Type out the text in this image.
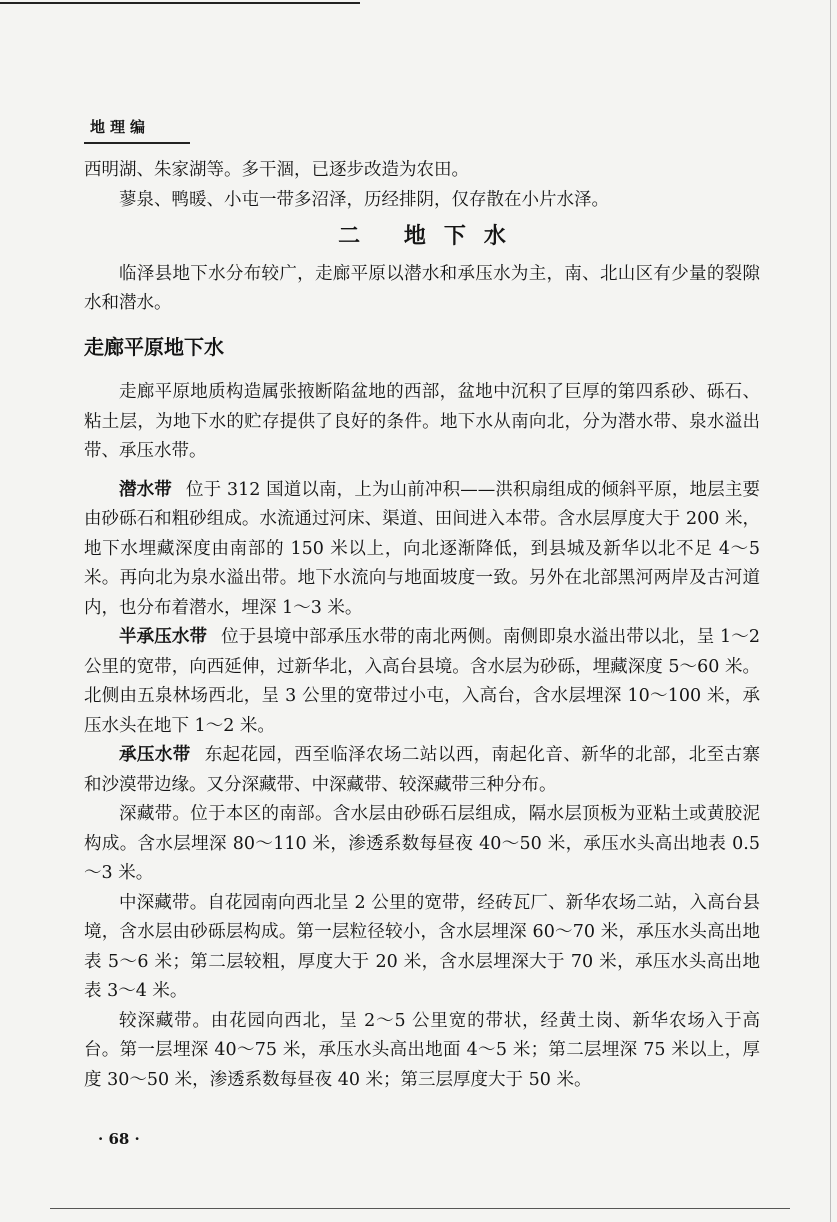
地理编

西明湖、朱家湖等。多干涸，已逐步改造为农田。

蓼泉、鸭暖、小屯一带多沼泽，历经排阴，仅存散在小片水泽。

二 地下水

临泽县地下水分布较广，走廊平原以潜水和承压水为主，南、北山区有少量的裂隙水和潜水。

走廊平原地下水

走廊平原地质构造属张掖断陷盆地的西部，盆地中沉积了巨厚的第四系砂、砾石、粘土层，为地下水的贮存提供了良好的条件。地下水从南向北，分为潜水带、泉水溢出带、承压水带。

潜水带 位于 312 国道以南，上为山前冲积——洪积扇组成的倾斜平原，地层主要由砂砾石和粗砂组成。水流通过河床、渠道、田间进入本带。含水层厚度大于 200 米，地下水埋藏深度由南部的 150 米以上，向北逐渐降低，到县城及新华以北不足 4～5 米。再向北为泉水溢出带。地下水流向与地面坡度一致。另外在北部黑河两岸及古河道内，也分布着潜水，埋深 1～3 米。

半承压水带 位于县境中部承压水带的南北两侧。南侧即泉水溢出带以北，呈 1～2 公里的宽带，向西延伸，过新华北，入高台县境。含水层为砂砾，埋藏深度 5～60 米。北侧由五泉林场西北，呈 3 公里的宽带过小屯，入高台，含水层埋深 10～100 米，承压水头在地下 1～2 米。

承压水带 东起花园，西至临泽农场二站以西，南起化音、新华的北部，北至古寨和沙漠带边缘。又分深藏带、中深藏带、较深藏带三种分布。

深藏带。位于本区的南部。含水层由砂砾石层组成，隔水层顶板为亚粘土或黄胶泥构成。含水层埋深 80～110 米，渗透系数每昼夜 40～50 米，承压水头高出地表 0.5～3 米。

中深藏带。自花园南向西北呈 2 公里的宽带，经砖瓦厂、新华农场二站，入高台县境，含水层由砂砾层构成。第一层粒径较小，含水层埋深 60～70 米，承压水头高出地表 5～6 米；第二层较粗，厚度大于 20 米，含水层埋深大于 70 米，承压水头高出地表 3～4 米。

较深藏带。由花园向西北，呈 2～5 公里宽的带状，经黄土岗、新华农场入于高台。第一层埋深 40～75 米，承压水头高出地面 4～5 米；第二层埋深 75 米以上，厚度 30～50 米，渗透系数每昼夜 40 米；第三层厚度大于 50 米。

· 68 ·
